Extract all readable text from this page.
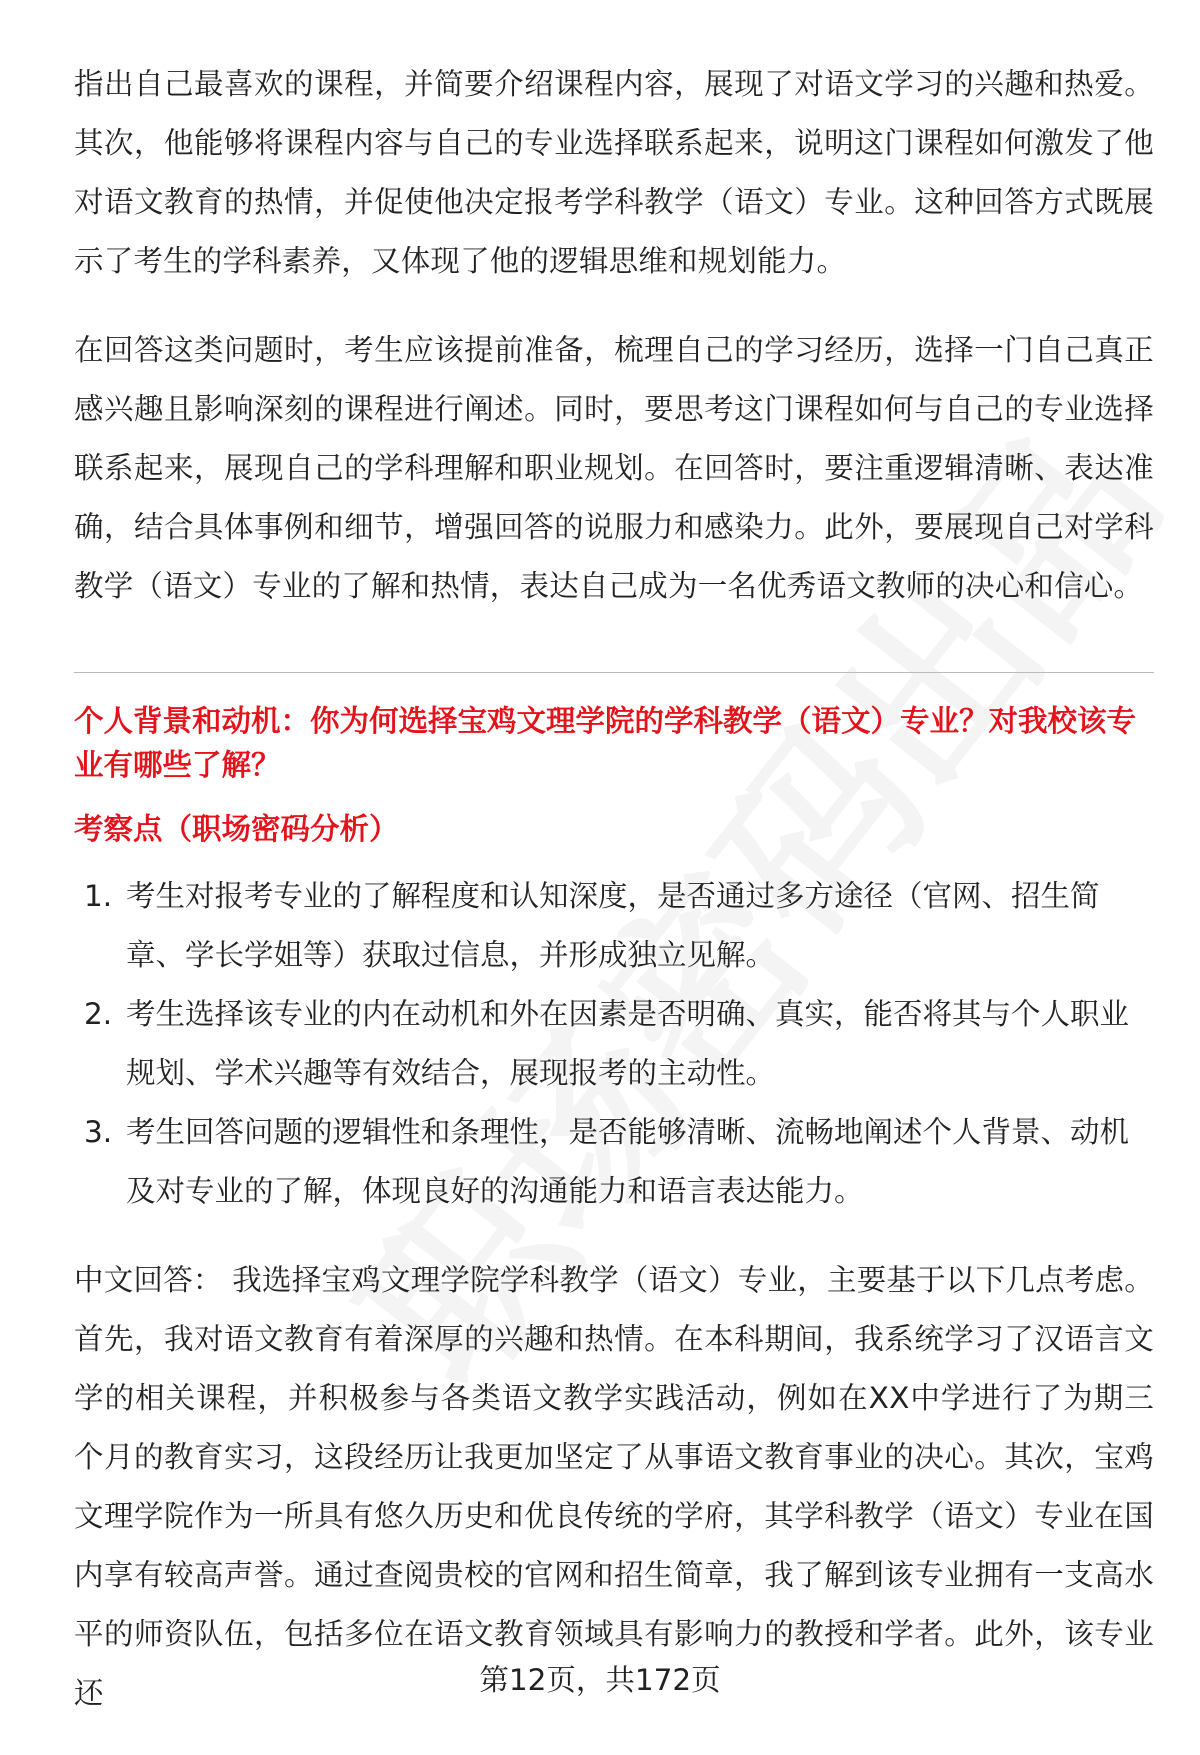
指出自己最喜欢的课程，并简要介绍课程内容，展现了对语文学习的兴趣和热爱。其次，他能够将课程内容与自己的专业选择联系起来，说明这门课程如何激发了他对语文教育的热情，并促使他决定报考学科教学（语文）专业。这种回答方式既展示了考生的学科素养，又体现了他的逻辑思维和规划能力。

在回答这类问题时，考生应该提前准备，梳理自己的学习经历，选择一门自己真正感兴趣且影响深刻的课程进行阐述。同时，要思考这门课程如何与自己的专业选择联系起来，展现自己的学科理解和职业规划。在回答时，要注重逻辑清晰、表达准确，结合具体事例和细节，增强回答的说服力和感染力。此外，要展现自己对学科教学（语文）专业的了解和热情，表达自己成为一名优秀语文教师的决心和信心。

个人背景和动机：你为何选择宝鸡文理学院的学科教学（语文）专业？对我校该专业有哪些了解？

考察点（职场密码分析）

1. 考生对报考专业的了解程度和认知深度，是否通过多方途径（官网、招生简章、学长学姐等）获取过信息，并形成独立见解。
2. 考生选择该专业的内在动机和外在因素是否明确、真实，能否将其与个人职业规划、学术兴趣等有效结合，展现报考的主动性。
3. 考生回答问题的逻辑性和条理性，是否能够清晰、流畅地阐述个人背景、动机及对专业的了解，体现良好的沟通能力和语言表达能力。

中文回答： 我选择宝鸡文理学院学科教学（语文）专业，主要基于以下几点考虑。首先，我对语文教育有着深厚的兴趣和热情。在本科期间，我系统学习了汉语言文学的相关课程，并积极参与各类语文教学实践活动，例如在XX中学进行了为期三个月的教育实习，这段经历让我更加坚定了从事语文教育事业的决心。其次，宝鸡文理学院作为一所具有悠久历史和优良传统的学府，其学科教学（语文）专业在国内享有较高声誉。通过查阅贵校的官网和招生简章，我了解到该专业拥有一支高水平的师资队伍，包括多位在语文教育领域具有影响力的教授和学者。此外，该专业还	第12页，共172页
